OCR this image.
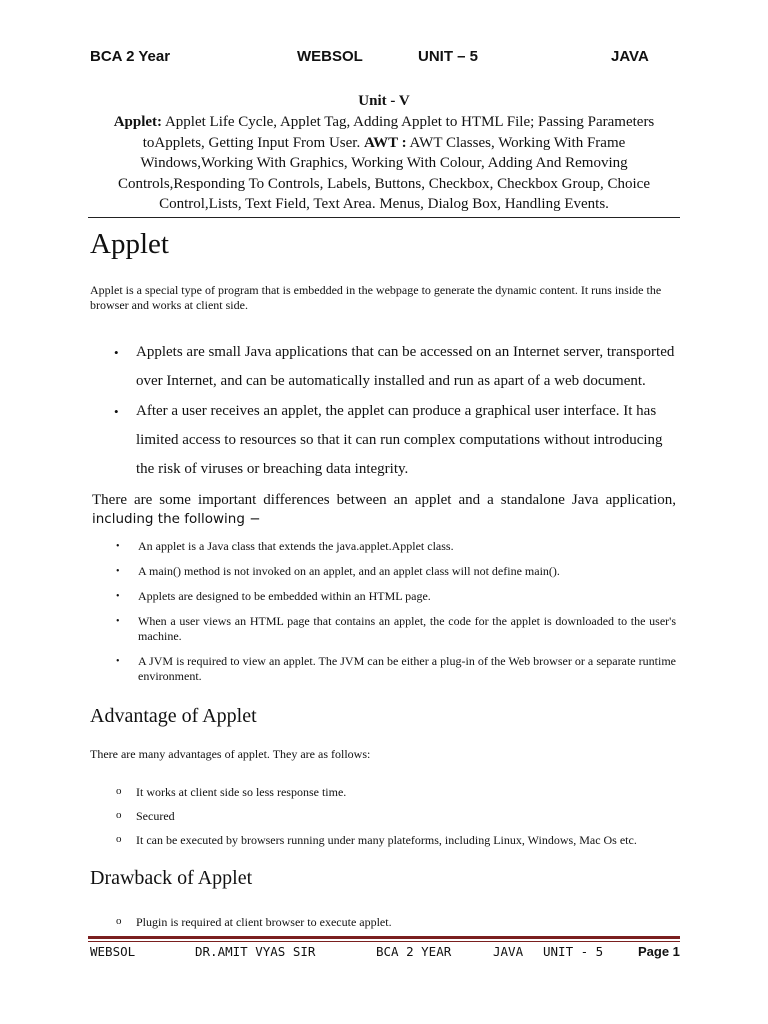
BCA 2 Year	WEBSOL	UNIT – 5	JAVA
Unit - V
Applet: Applet Life Cycle, Applet Tag, Adding Applet to HTML File; Passing Parameters toApplets, Getting Input From User. AWT : AWT Classes, Working With Frame Windows,Working With Graphics, Working With Colour, Adding And Removing Controls,Responding To Controls, Labels, Buttons, Checkbox, Checkbox Group, Choice Control,Lists, Text Field, Text Area. Menus, Dialog Box, Handling Events.
Applet

Applet is a special type of program that is embedded in the webpage to generate the dynamic content. It runs inside the browser and works at client side.

• Applets are small Java applications that can be accessed on an Internet server, transported over Internet, and can be automatically installed and run as apart of a web document.
• After a user receives an applet, the applet can produce a graphical user interface. It has limited access to resources so that it can run complex computations without introducing the risk of viruses or breaching data integrity.

There are some important differences between an applet and a standalone Java application, including the following −

• An applet is a Java class that extends the java.applet.Applet class.
• A main() method is not invoked on an applet, and an applet class will not define main().
• Applets are designed to be embedded within an HTML page.
• When a user views an HTML page that contains an applet, the code for the applet is downloaded to the user's machine.
• A JVM is required to view an applet. The JVM can be either a plug-in of the Web browser or a separate runtime environment.
Advantage of Applet

There are many advantages of applet. They are as follows:

o It works at client side so less response time.
o Secured
o It can be executed by browsers running under many plateforms, including Linux, Windows, Mac Os etc.
Drawback of Applet
o Plugin is required at client browser to execute applet.
WEBSOL	DR.AMIT VYAS SIR	BCA 2 YEAR	JAVA UNIT - 5	Page 1
